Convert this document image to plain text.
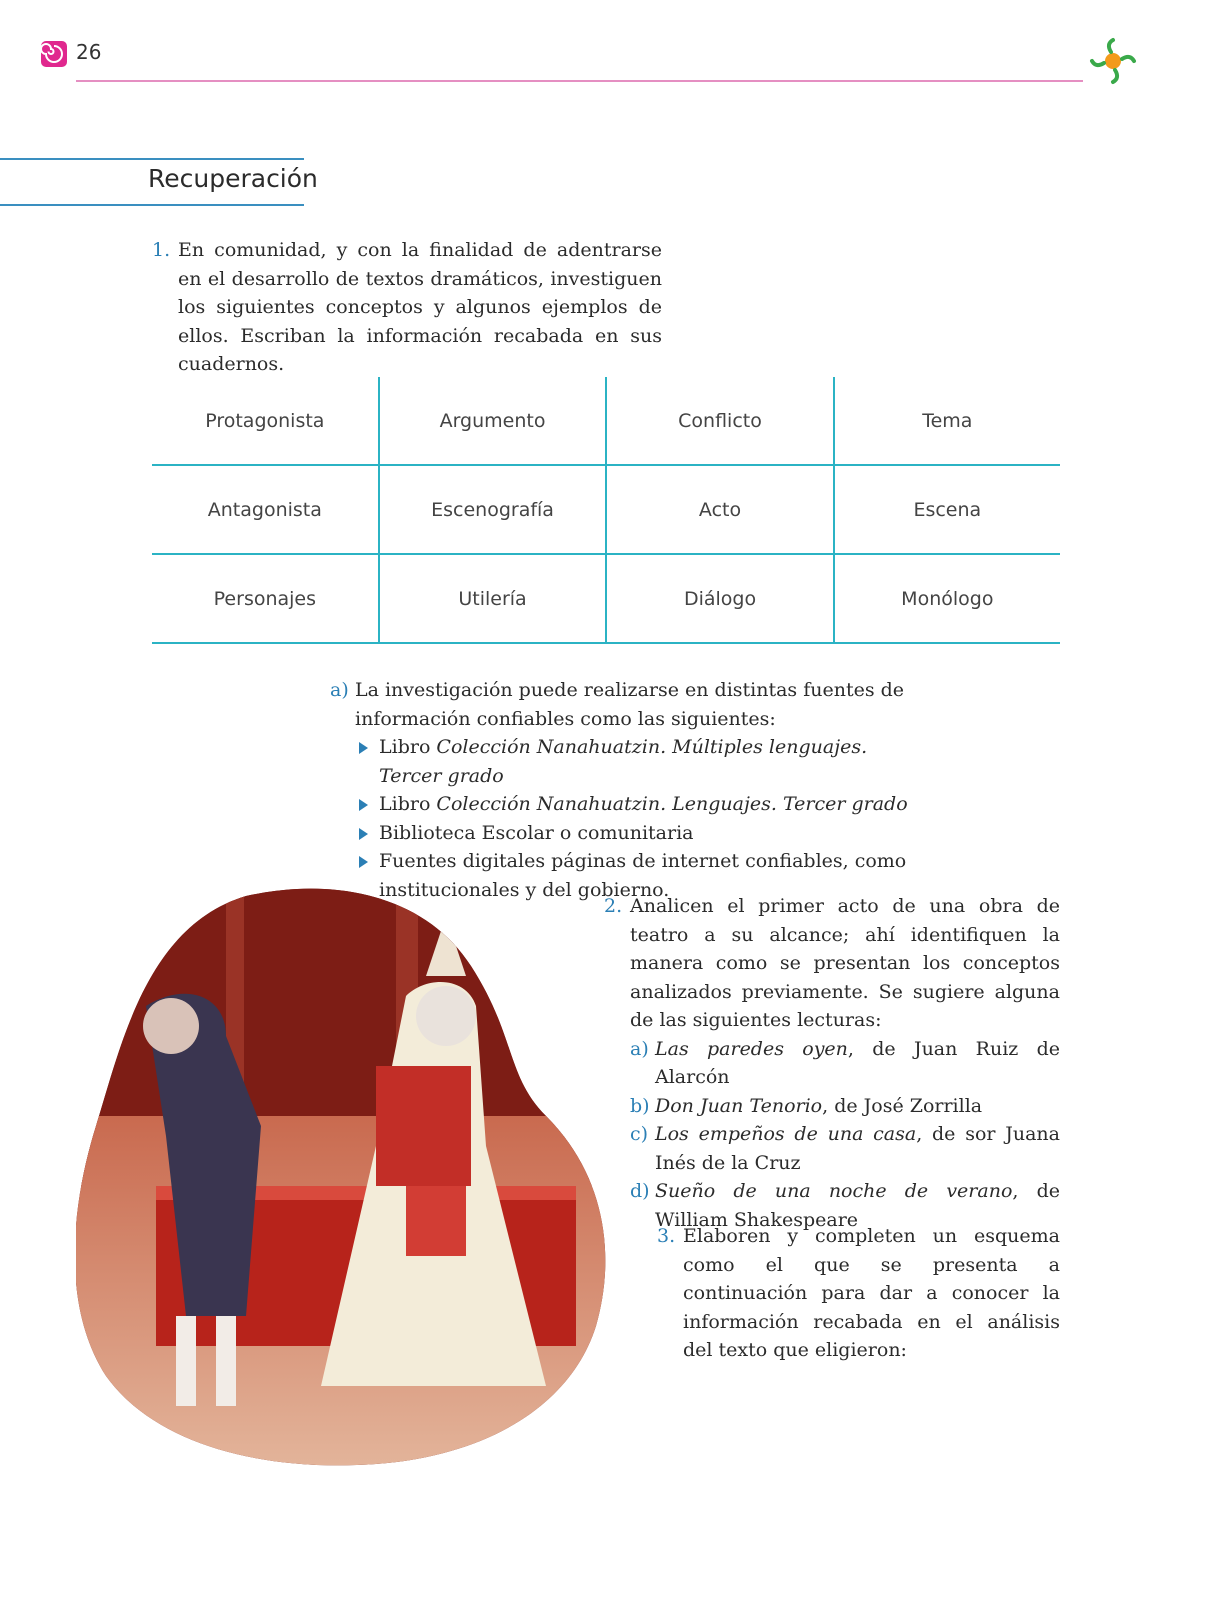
26
Recuperación
1. En comunidad, y con la finalidad de adentrarse en el desarrollo de textos dramáticos, investiguen los siguientes conceptos y algunos ejemplos de ellos. Escriban la información recabada en sus cuadernos.
Protagonista	Argumento	Conflicto	Tema
Antagonista	Escenografía	Acto	Escena
Personajes	Utilería	Diálogo	Monólogo
a) La investigación puede realizarse en distintas fuentes de información confiables como las siguientes:
Libro Colección Nanahuatzin. Múltiples lenguajes. Tercer grado
Libro Colección Nanahuatzin. Lenguajes. Tercer grado
Biblioteca Escolar o comunitaria
Fuentes digitales páginas de internet confiables, como institucionales y del gobierno.
2. Analicen el primer acto de una obra de teatro a su alcance; ahí identifiquen la manera como se presentan los conceptos analizados previamente. Se sugiere alguna de las siguientes lecturas:
a) Las paredes oyen, de Juan Ruiz de Alarcón
b) Don Juan Tenorio, de José Zorrilla
c) Los empeños de una casa, de sor Juana Inés de la Cruz
d) Sueño de una noche de verano, de William Shakespeare
3. Elaboren y completen un esquema como el que se presenta a continuación para dar a conocer la información recabada en el análisis del texto que eligieron:
